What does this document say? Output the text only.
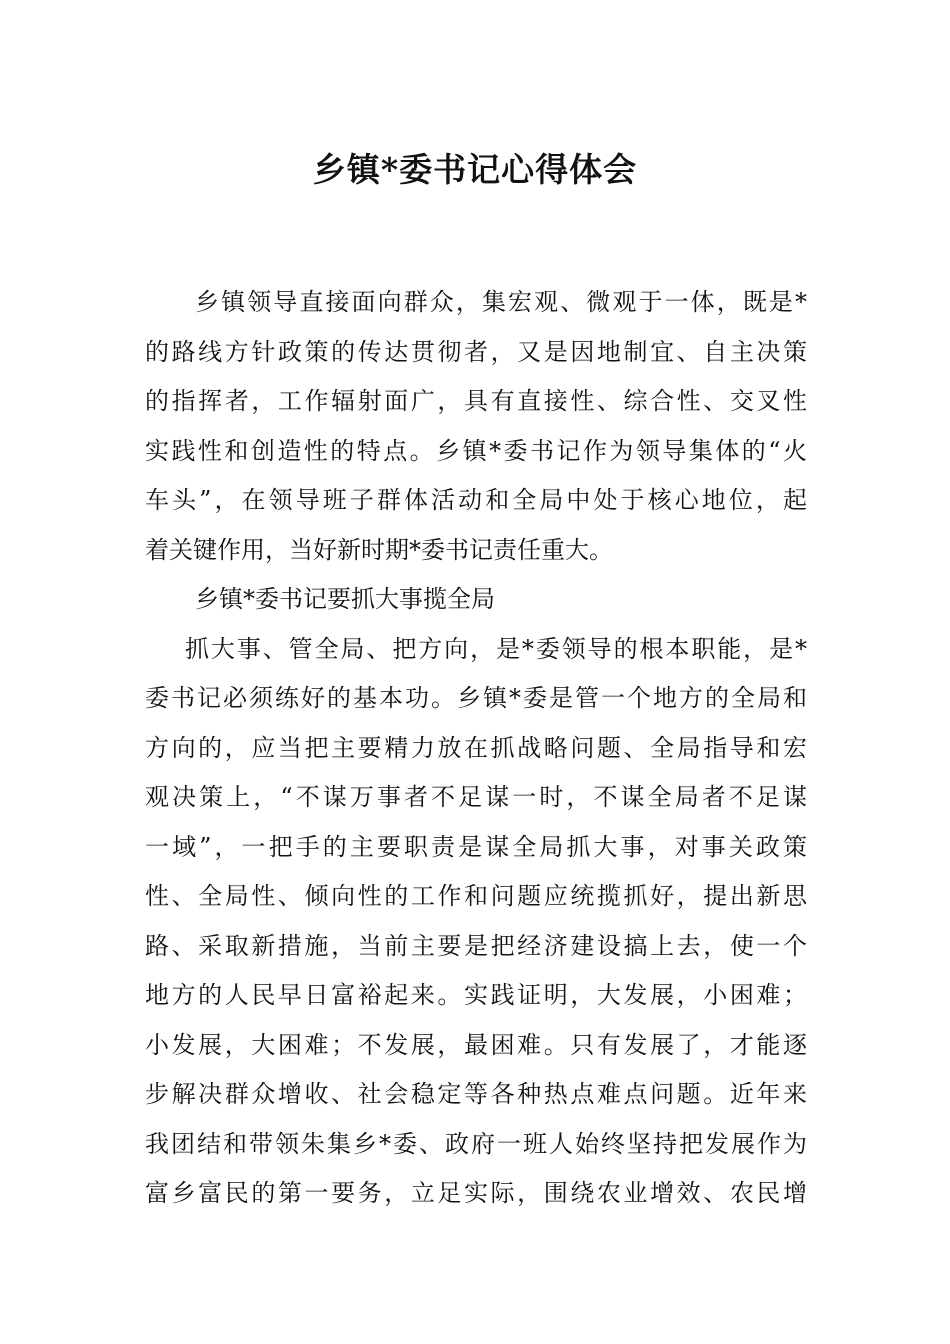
乡镇*委书记心得体会
乡镇领导直接面向群众，集宏观、微观于一体，既是*
的路线方针政策的传达贯彻者，又是因地制宜、自主决策
的指挥者，工作辐射面广，具有直接性、综合性、交叉性
实践性和创造性的特点。乡镇*委书记作为领导集体的“火
车头”，在领导班子群体活动和全局中处于核心地位，起
着关键作用，当好新时期*委书记责任重大。
乡镇*委书记要抓大事揽全局
抓大事、管全局、把方向，是*委领导的根本职能，是*
委书记必须练好的基本功。乡镇*委是管一个地方的全局和
方向的，应当把主要精力放在抓战略问题、全局指导和宏
观决策上，“不谋万事者不足谋一时，不谋全局者不足谋
一域”，一把手的主要职责是谋全局抓大事，对事关政策
性、全局性、倾向性的工作和问题应统揽抓好，提出新思
路、采取新措施，当前主要是把经济建设搞上去，使一个
地方的人民早日富裕起来。实践证明，大发展，小困难；
小发展，大困难；不发展，最困难。只有发展了，才能逐
步解决群众增收、社会稳定等各种热点难点问题。近年来
我团结和带领朱集乡*委、政府一班人始终坚持把发展作为
富乡富民的第一要务，立足实际，围绕农业增效、农民增
